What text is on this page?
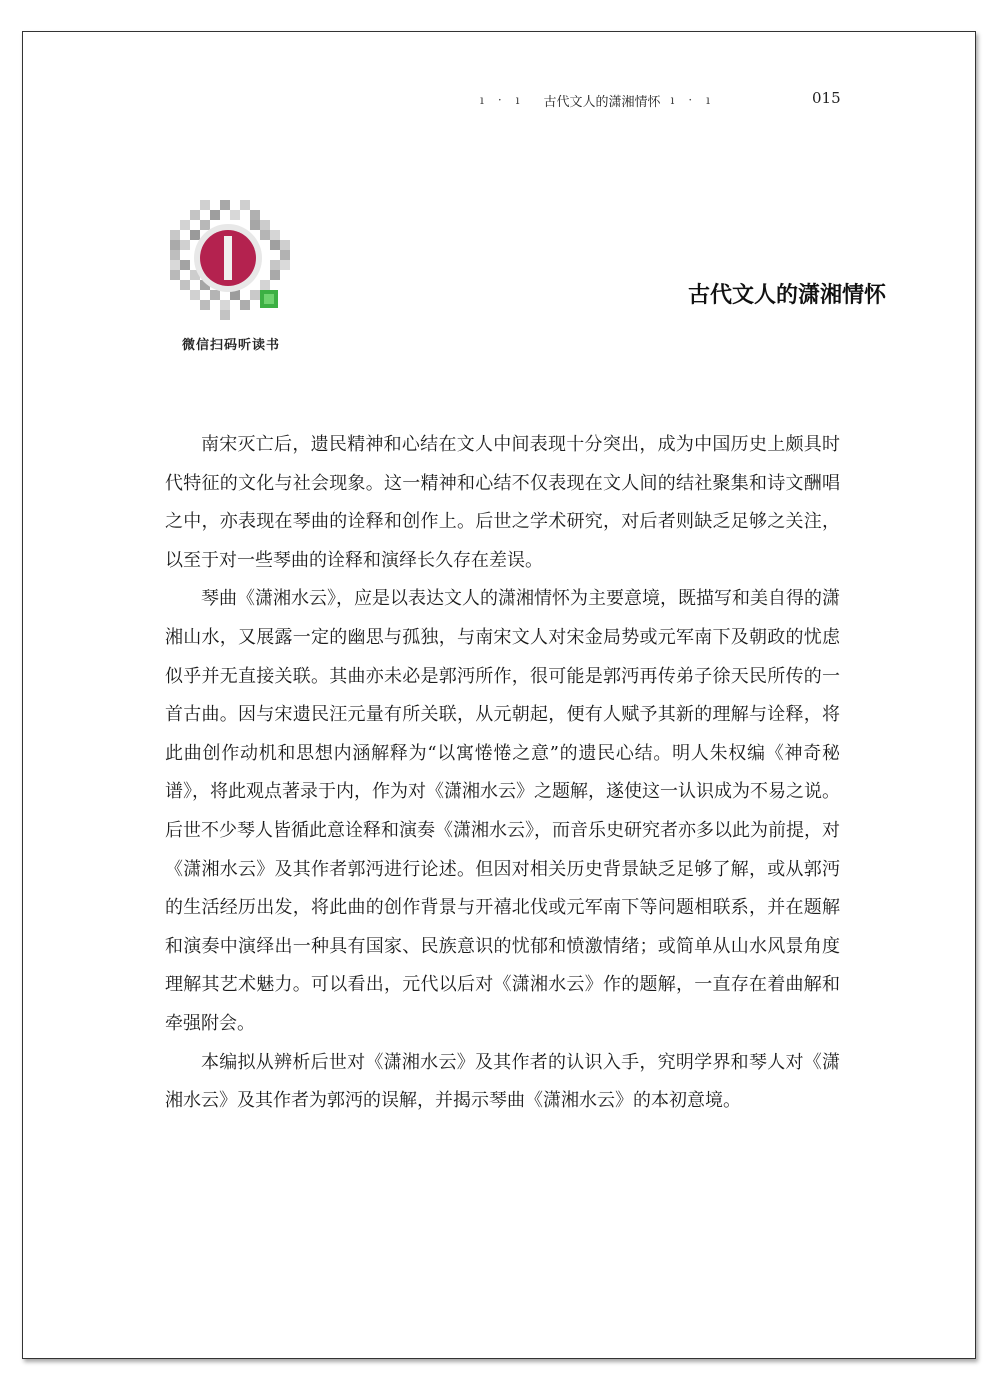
ı·ı 古代文人的潇湘情怀 ı·ı	015
微信扫码听读书
古代文人的潇湘情怀

南宋灭亡后，遗民精神和心结在文人中间表现十分突出，成为中国历史上颇具时代特征的文化与社会现象。这一精神和心结不仅表现在文人间的结社聚集和诗文酬唱之中，亦表现在琴曲的诠释和创作上。后世之学术研究，对后者则缺乏足够之关注，以至于对一些琴曲的诠释和演绎长久存在差误。

琴曲《潇湘水云》，应是以表达文人的潇湘情怀为主要意境，既描写和美自得的潇湘山水，又展露一定的幽思与孤独，与南宋文人对宋金局势或元军南下及朝政的忧虑似乎并无直接关联。其曲亦未必是郭沔所作，很可能是郭沔再传弟子徐天民所传的一首古曲。因与宋遗民汪元量有所关联，从元朝起，便有人赋予其新的理解与诠释，将此曲创作动机和思想内涵解释为“以寓惓惓之意”的遗民心结。明人朱权编《神奇秘谱》，将此观点著录于内，作为对《潇湘水云》之题解，遂使这一认识成为不易之说。后世不少琴人皆循此意诠释和演奏《潇湘水云》，而音乐史研究者亦多以此为前提，对《潇湘水云》及其作者郭沔进行论述。但因对相关历史背景缺乏足够了解，或从郭沔的生活经历出发，将此曲的创作背景与开禧北伐或元军南下等问题相联系，并在题解和演奏中演绎出一种具有国家、民族意识的忧郁和愤激情绪；或简单从山水风景角度理解其艺术魅力。可以看出，元代以后对《潇湘水云》作的题解，一直存在着曲解和牵强附会。

本编拟从辨析后世对《潇湘水云》及其作者的认识入手，究明学界和琴人对《潇湘水云》及其作者为郭沔的误解，并揭示琴曲《潇湘水云》的本初意境。
